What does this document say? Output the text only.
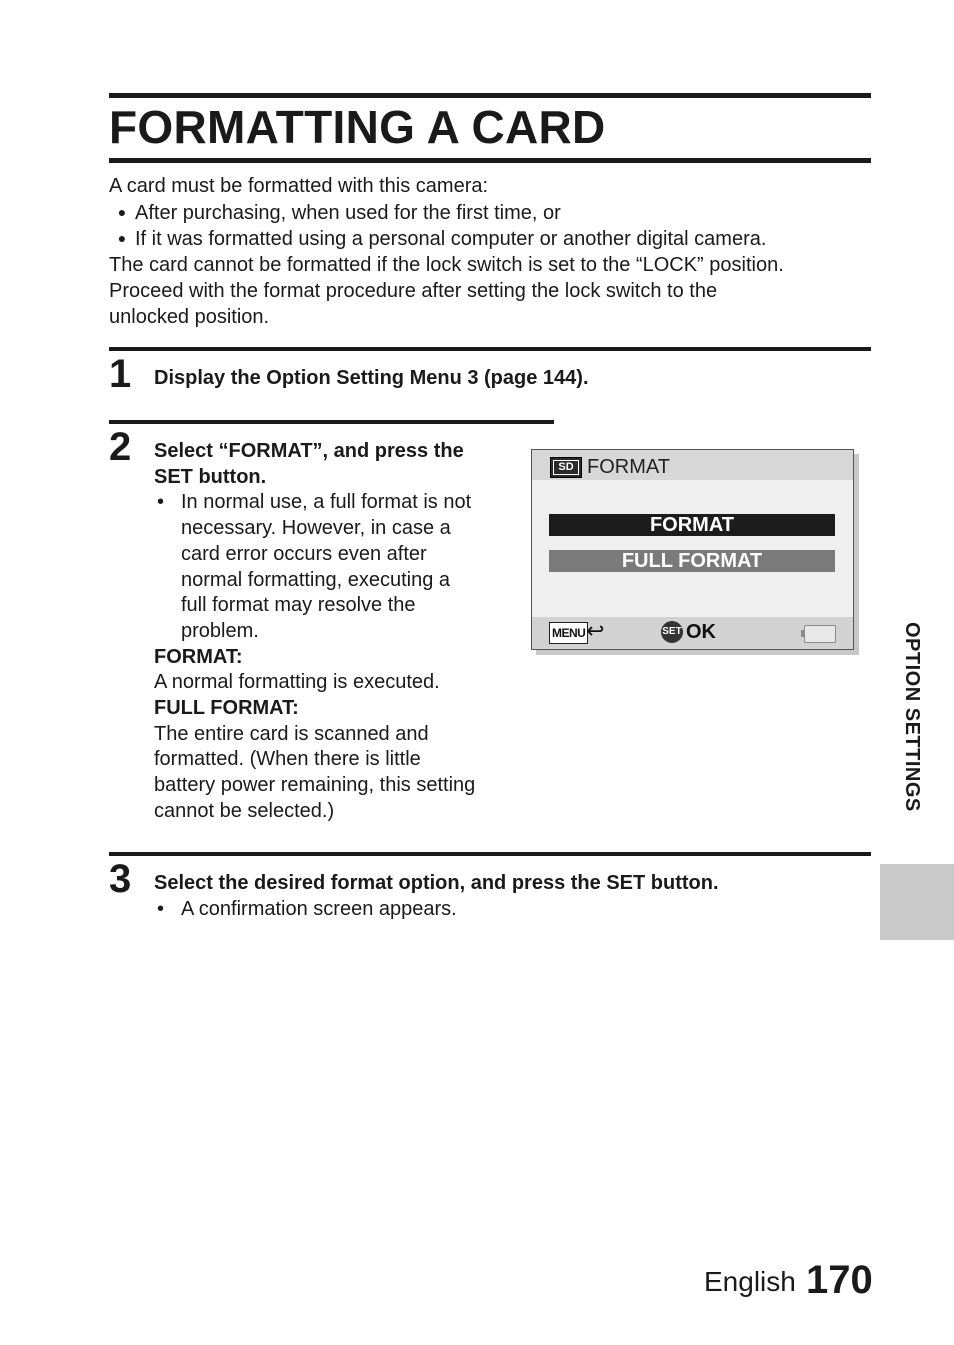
FORMATTING A CARD
A card must be formatted with this camera:
● After purchasing, when used for the first time, or
● If it was formatted using a personal computer or another digital camera.
The card cannot be formatted if the lock switch is set to the “LOCK” position.
Proceed with the format procedure after setting the lock switch to the
unlocked position.
1 Display the Option Setting Menu 3 (page 144).
2 Select “FORMAT”, and press the
SET button.
• In normal use, a full format is not
necessary. However, in case a
card error occurs even after
normal formatting, executing a
full format may resolve the
problem.
FORMAT:
A normal formatting is executed.
FULL FORMAT:
The entire card is scanned and
formatted. (When there is little
battery power remaining, this setting
cannot be selected.)
SD FORMAT
FORMAT
FULL FORMAT
MENU ↩	SET OK
3 Select the desired format option, and press the SET button.
• A confirmation screen appears.
OPTION SETTINGS
English 170
